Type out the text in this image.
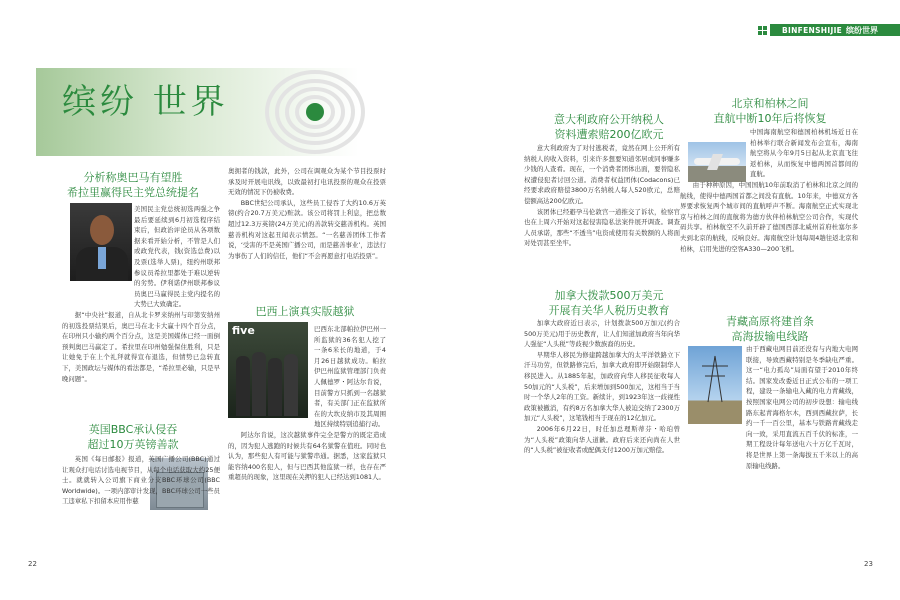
BINFENSHIJIE 缤纷世界
缤纷 世界
分析称奥巴马有望胜
希拉里赢得民主党总统提名

美国民主党总统初选两强之争最后要延续到6月初选程序结束后，但政治评论员从各项数据来看开始分析，不管是人们或政党代表，钱(资选总费)以及票(选举人票)，纽约州联邦参议员希拉里都处于难以逆转的劣势。伊利诺伊州联邦参议员奥巴马赢得民主党内提名的大势已大致确定。

据“中央社”报道，自从北卡罗来纳州与印第安纳州的初选投票结果后，奥巴马在北卡大赢十四个百分点，在印州只小输约两个百分点，这是美国媒体已经一面倒预判奥巴马赢定了。希拉里在印州勉强保住胜利，只是让她免于在上个礼拜就得宣布退选，但情势已急转直下，美国政坛与媒体的看法都是，“希拉里必输，只是早晚问题”。

英国BBC承认侵吞
超过10万英镑善款

英国《每日邮报》报道，英国广播公司(BBC)通过让观众打电话讨选电视节目，从每个电话获取大约25便士。就就转入公司旗下商业分支BBC环球公司(BBC Worldwide)。一项内部审计发现，BBC环球公司一些员工违章私下扣留本应用作慈

奥拥者的钱款，此外，公司在调观众为某个节目投票时承及时开展电讯线，以致最初打电讯投票的观众在投票无效的情况下仍被收费。

BBC世纪公司承认，这些员工侵吞了大约10.6万英镑(约合20.7万美元)赃款。该公司将罚上利息，把总数超过12.3万英镑(24万美元)的善款转交慈善机构。英国慈善机构对这起丑闻表示愤怒。“一名慈善团体工作者说，‘受害的不是英国广播公司，而是慈善事业’，违法行为事伤了人们的信任，他们“不会再愿意打电话投票”。

巴西上演真实版越狱
five	巴西东北部帕拉伊巴州一所监狱的36名犯人挖了一条6米长的地道，于4月26日越狱成功。帕拉伊巴州监狱管理部门负责人佩德罗・阿达尔肯说，目前警方只抓到一名越狱者，有关部门正在监狱所在的大坎皮纳市及其周围地区持续特别追捕行动。

阿达尔肯说，这次越狱事件完全是警方的既定造成的，因为犯人逃跑的时候共有64名狱警在值班。同时也认为，那些犯人有可能与狱警串通。据悉，这家监狱只能容纳400名犯人，但与巴西其他监狱一样，也存在严重超员的现象，这里现在关押的犯人已经达到1081人。

意大利政府公开纳税人
资料遭索赔200亿欧元

意大利政府为了对付逃税者，竟然在网上公开所有纳税人的收入资料，引来许多想要知道邻居或同事赚多少钱的人查看。现在，一个消费者团体出面，要替隐私权遭侵犯者讨回公道。消费者权益团体(Codacons)已经要求政府赔偿3800万名纳税人每人520欧元，总赔偿额高达200亿欧元。

该团体已经避孕马伦敦宫一道推交了诉状，检察官也在上周六开始对这起侵害隐私法案件展开调查。调查人员承诺，那些“不透当”电资成使用有关数额的人将面对处罚甚至坐牢。

加拿大拨款500万美元
开展有关华人税历史教育

加拿大政府近日表示，计划拨款500万加元(约合500万美元)用于历史教育，让人们知道加政府当年向华人强征“人头税”等歧视少数族裔的历史。

早期华人移民为修建跨越加拿大的太平洋铁路立下汗马功劳，但铁路修完后，加拿大政府即开始限制华人移民进入。从1885年起，加政府向华人移民征收每人50加元的“人头税”，后来增加到500加元，这相当于当时一个华人2年的工资。新续计，到1923年这一歧视性政策被撤消，有约8万名加拿大华人被迫交纳了2300万加元“人头税”，这笔钱相当于现在的12亿加元。

2006年6月22日，时任加总理斯蒂芬・哈珀曾为“人头税”政策向华人道歉。政府后来还向尚在人世的“人头税”被征收者或配偶支付1200万加元赔偿。

北京和柏林之间
直航中断10年后将恢复

中国海南航空和德国柏林机场近日在柏林举行联合新闻发布会宣布，海南航空将从今年9月5日起从北京直飞往返柏林，从而恢复中德两国首都间的直航。

由于种种原因，中国国航10年前取消了柏林和北京之间的航线，使得中德两国首都之间没有直航。10年来，中德双方各界要求恢复两个城市间的直航呼声不断。海南航空正式实现北京与柏林之间的直航将为德方伙伴柏林航空公司合作，实现代码共享。柏林航空不久前开辟了德国西部北威州首府杜塞尔多夫到北京的航线，反响良好。海南航空计划每周4趟往返北京和柏林，启用先进的空客A330—200飞机。

青藏高原将建首条
高海拔输电线路

由于西藏电网目前还没有与内地大电网联接，导致西藏特别是冬季缺电严重。这一“电力孤岛”局面有望于2010年终结。国家发改委近日正式公布的一项工程，建设一条输电入藏的电力青藏线，按照国家电网公司的初步设想：输电线路东起青海格尔木，西到西藏拉萨，长约一千一百公里，基本与铁路青藏线走向一致，采用直流五百千伏的标准，一期工程设计每年送电六十万亿千瓦时，将是世界上第一条海拔五千米以上的高原输电线路。

22	23
